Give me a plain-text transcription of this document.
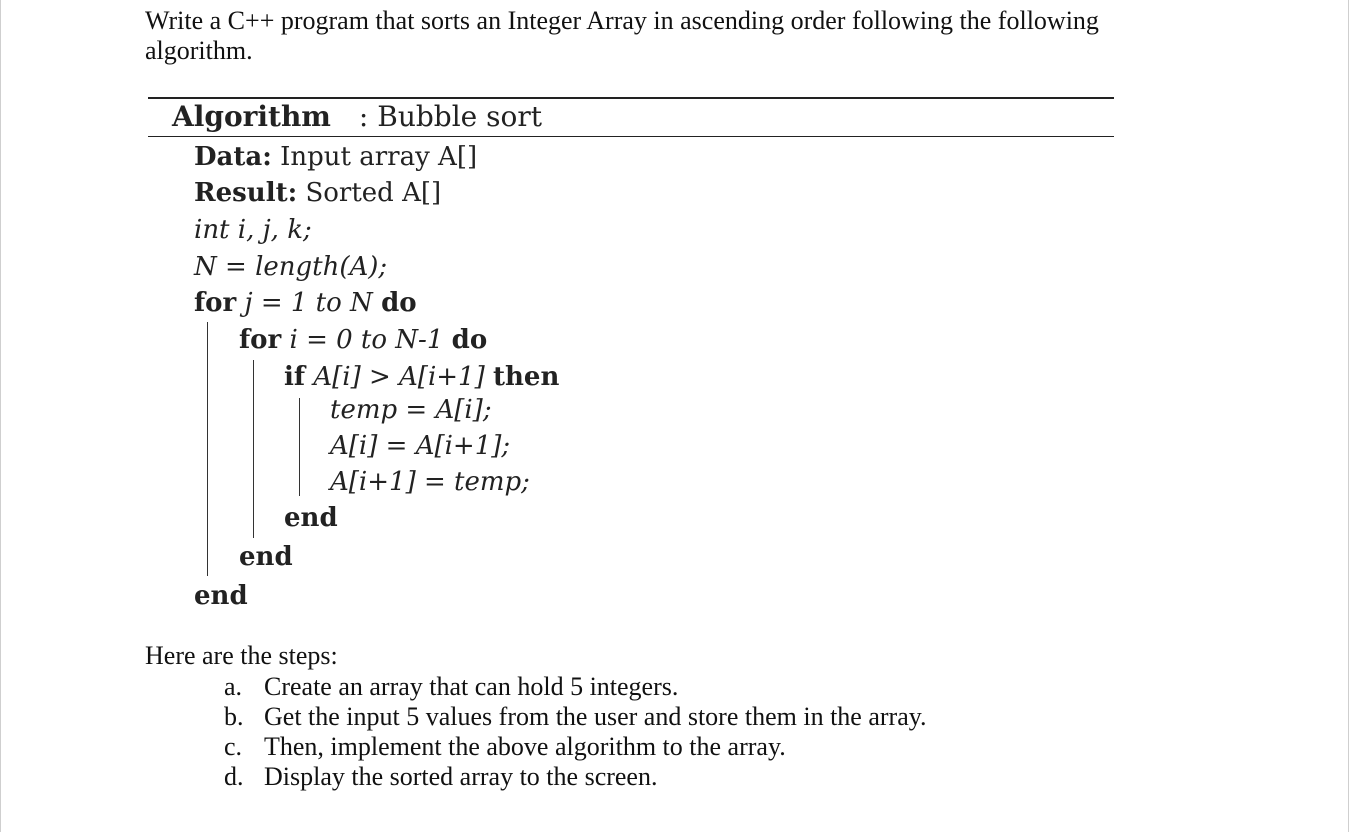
Write a C++ program that sorts an Integer Array in ascending order following the following algorithm.
Algorithm : Bubble sort
Data: Input array A[]
Result: Sorted A[]
int i, j, k;
N = length(A);
for j = 1 to N do
for i = 0 to N-1 do
if A[i] > A[i+1] then
temp = A[i];
A[i] = A[i+1];
A[i+1] = temp;
end
end
end
Here are the steps:
a. Create an array that can hold 5 integers.
b. Get the input 5 values from the user and store them in the array.
c. Then, implement the above algorithm to the array.
d. Display the sorted array to the screen.
